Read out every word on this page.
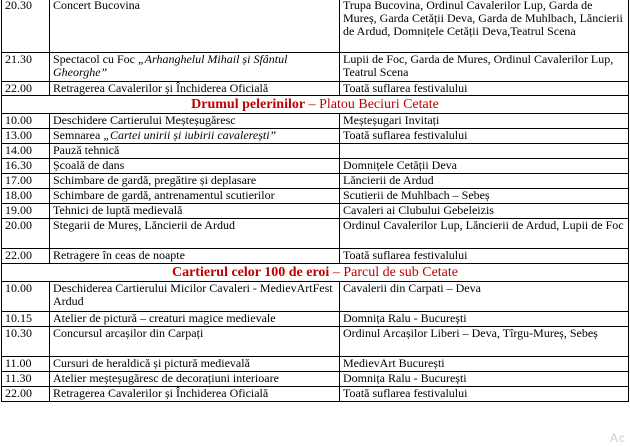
20.30	Concert Bucovina	Trupa Bucovina, Ordinul Cavalerilor Lup, Garda de Mureș, Garda Cetății Deva, Garda de Muhlbach, Lăncierii de Ardud, Domnițele Cetății Deva,Teatrul Scena
21.30	Spectacol cu Foc „Arhanghelul Mihail și Sfântul Gheorghe”	Lupii de Foc, Garda de Mures, Ordinul Cavalerilor Lup, Teatrul Scena
22.00	Retragerea Cavalerilor și Închiderea Oficială	Toată suflarea festivalului
Drumul pelerinilor – Platou Beciuri Cetate		
10.00	Deschidere Cartierului Meșteșugăresc	Meșteșugari Invitați
13.00	Semnarea „Cartei unirii și iubirii cavalerești”	Toată suflarea festivalului
14.00	Pauză tehnică	
16.30	Școală de dans	Domnițele Cetății Deva
17.00	Schimbare de gardă, pregătire și deplasare	Lăncierii de Ardud
18.00	Schimbare de gardă, antrenamentul scutierilor	Scutierii de Muhlbach – Sebeș
19.00	Tehnici de luptă medievală	Cavaleri ai Clubului Gebeleizis
20.00	Stegarii de Mureș, Lăncierii de Ardud	Ordinul Cavalerilor Lup, Lăncierii de Ardud, Lupii de Foc
22.00	Retragere în ceas de noapte	Toată suflarea festivalului
Cartierul celor 100 de eroi – Parcul de sub Cetate		
10.00	Deschiderea Cartierului Micilor Cavaleri - MedievArtFest Ardud	Cavalerii din Carpati – Deva
10.15	Atelier de pictură – creaturi magice medievale	Domnița Ralu - București
10.30	Concursul arcașilor din Carpați	Ordinul Arcașilor Liberi – Deva, Tîrgu-Mureș, Sebeș
11.00	Cursuri de heraldică și pictură medievală	MedievArt București
11.30	Atelier meșteșugăresc de decorațiuni interioare	Domnița Ralu - București
22.00	Retragerea Cavalerilor și Închiderea Oficială	Toată suflarea festivalului
Ac
